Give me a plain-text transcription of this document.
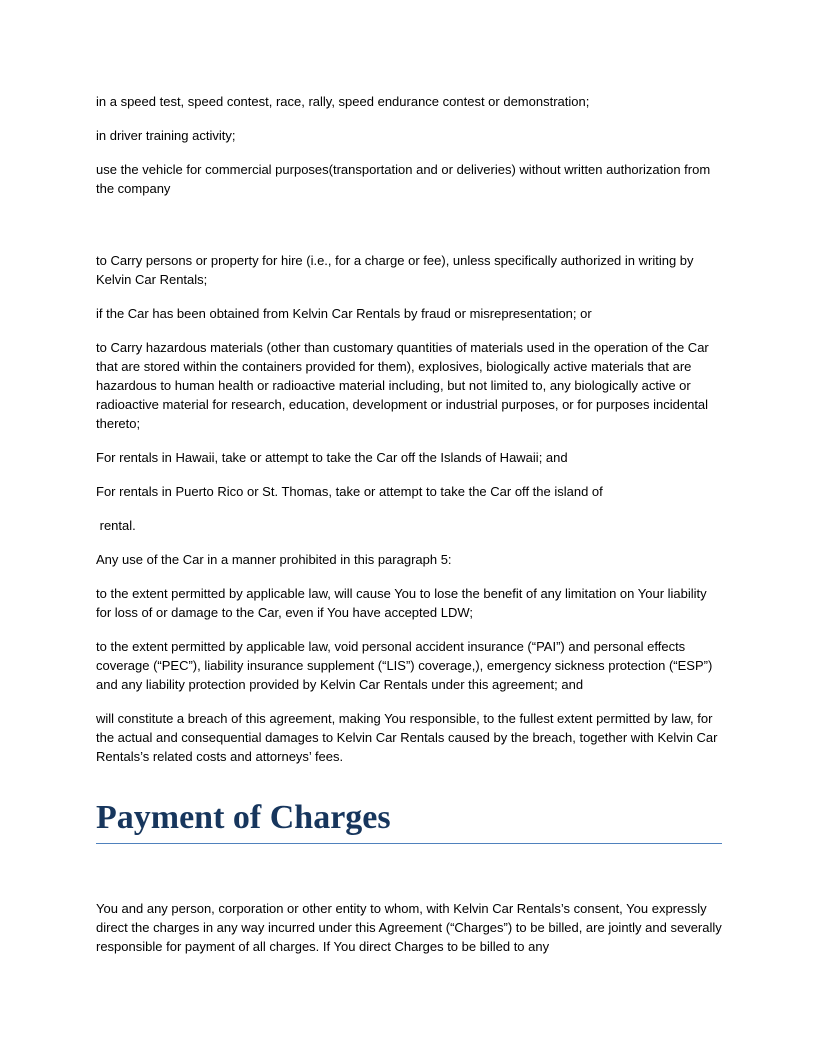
in a speed test, speed contest, race, rally, speed endurance contest or demonstration;

in driver training activity;

use the vehicle for commercial purposes(transportation and or deliveries) without written authorization from the company

to Carry persons or property for hire (i.e., for a charge or fee), unless specifically authorized in writing by Kelvin Car Rentals;

if the Car has been obtained from Kelvin Car Rentals by fraud or misrepresentation; or

to Carry hazardous materials (other than customary quantities of materials used in the operation of the Car that are stored within the containers provided for them), explosives, biologically active materials that are hazardous to human health or radioactive material including, but not limited to, any biologically active or radioactive material for research, education, development or industrial purposes, or for purposes incidental thereto;

For rentals in Hawaii, take or attempt to take the Car off the Islands of Hawaii; and

For rentals in Puerto Rico or St. Thomas, take or attempt to take the Car off the island of

rental.

Any use of the Car in a manner prohibited in this paragraph 5:

to the extent permitted by applicable law, will cause You to lose the benefit of any limitation on Your liability for loss of or damage to the Car, even if You have accepted LDW;

to the extent permitted by applicable law, void personal accident insurance (“PAI”) and personal effects coverage (“PEC”), liability insurance supplement (“LIS”) coverage,), emergency sickness protection (“ESP”) and any liability protection provided by Kelvin Car Rentals under this agreement; and

will constitute a breach of this agreement, making You responsible, to the fullest extent permitted by law, for the actual and consequential damages to Kelvin Car Rentals caused by the breach, together with Kelvin Car Rentals’s related costs and attorneys’ fees.

Payment of Charges

You and any person, corporation or other entity to whom, with Kelvin Car Rentals’s consent, You expressly direct the charges in any way incurred under this Agreement (“Charges”) to be billed, are jointly and severally responsible for payment of all charges. If You direct Charges to be billed to any
